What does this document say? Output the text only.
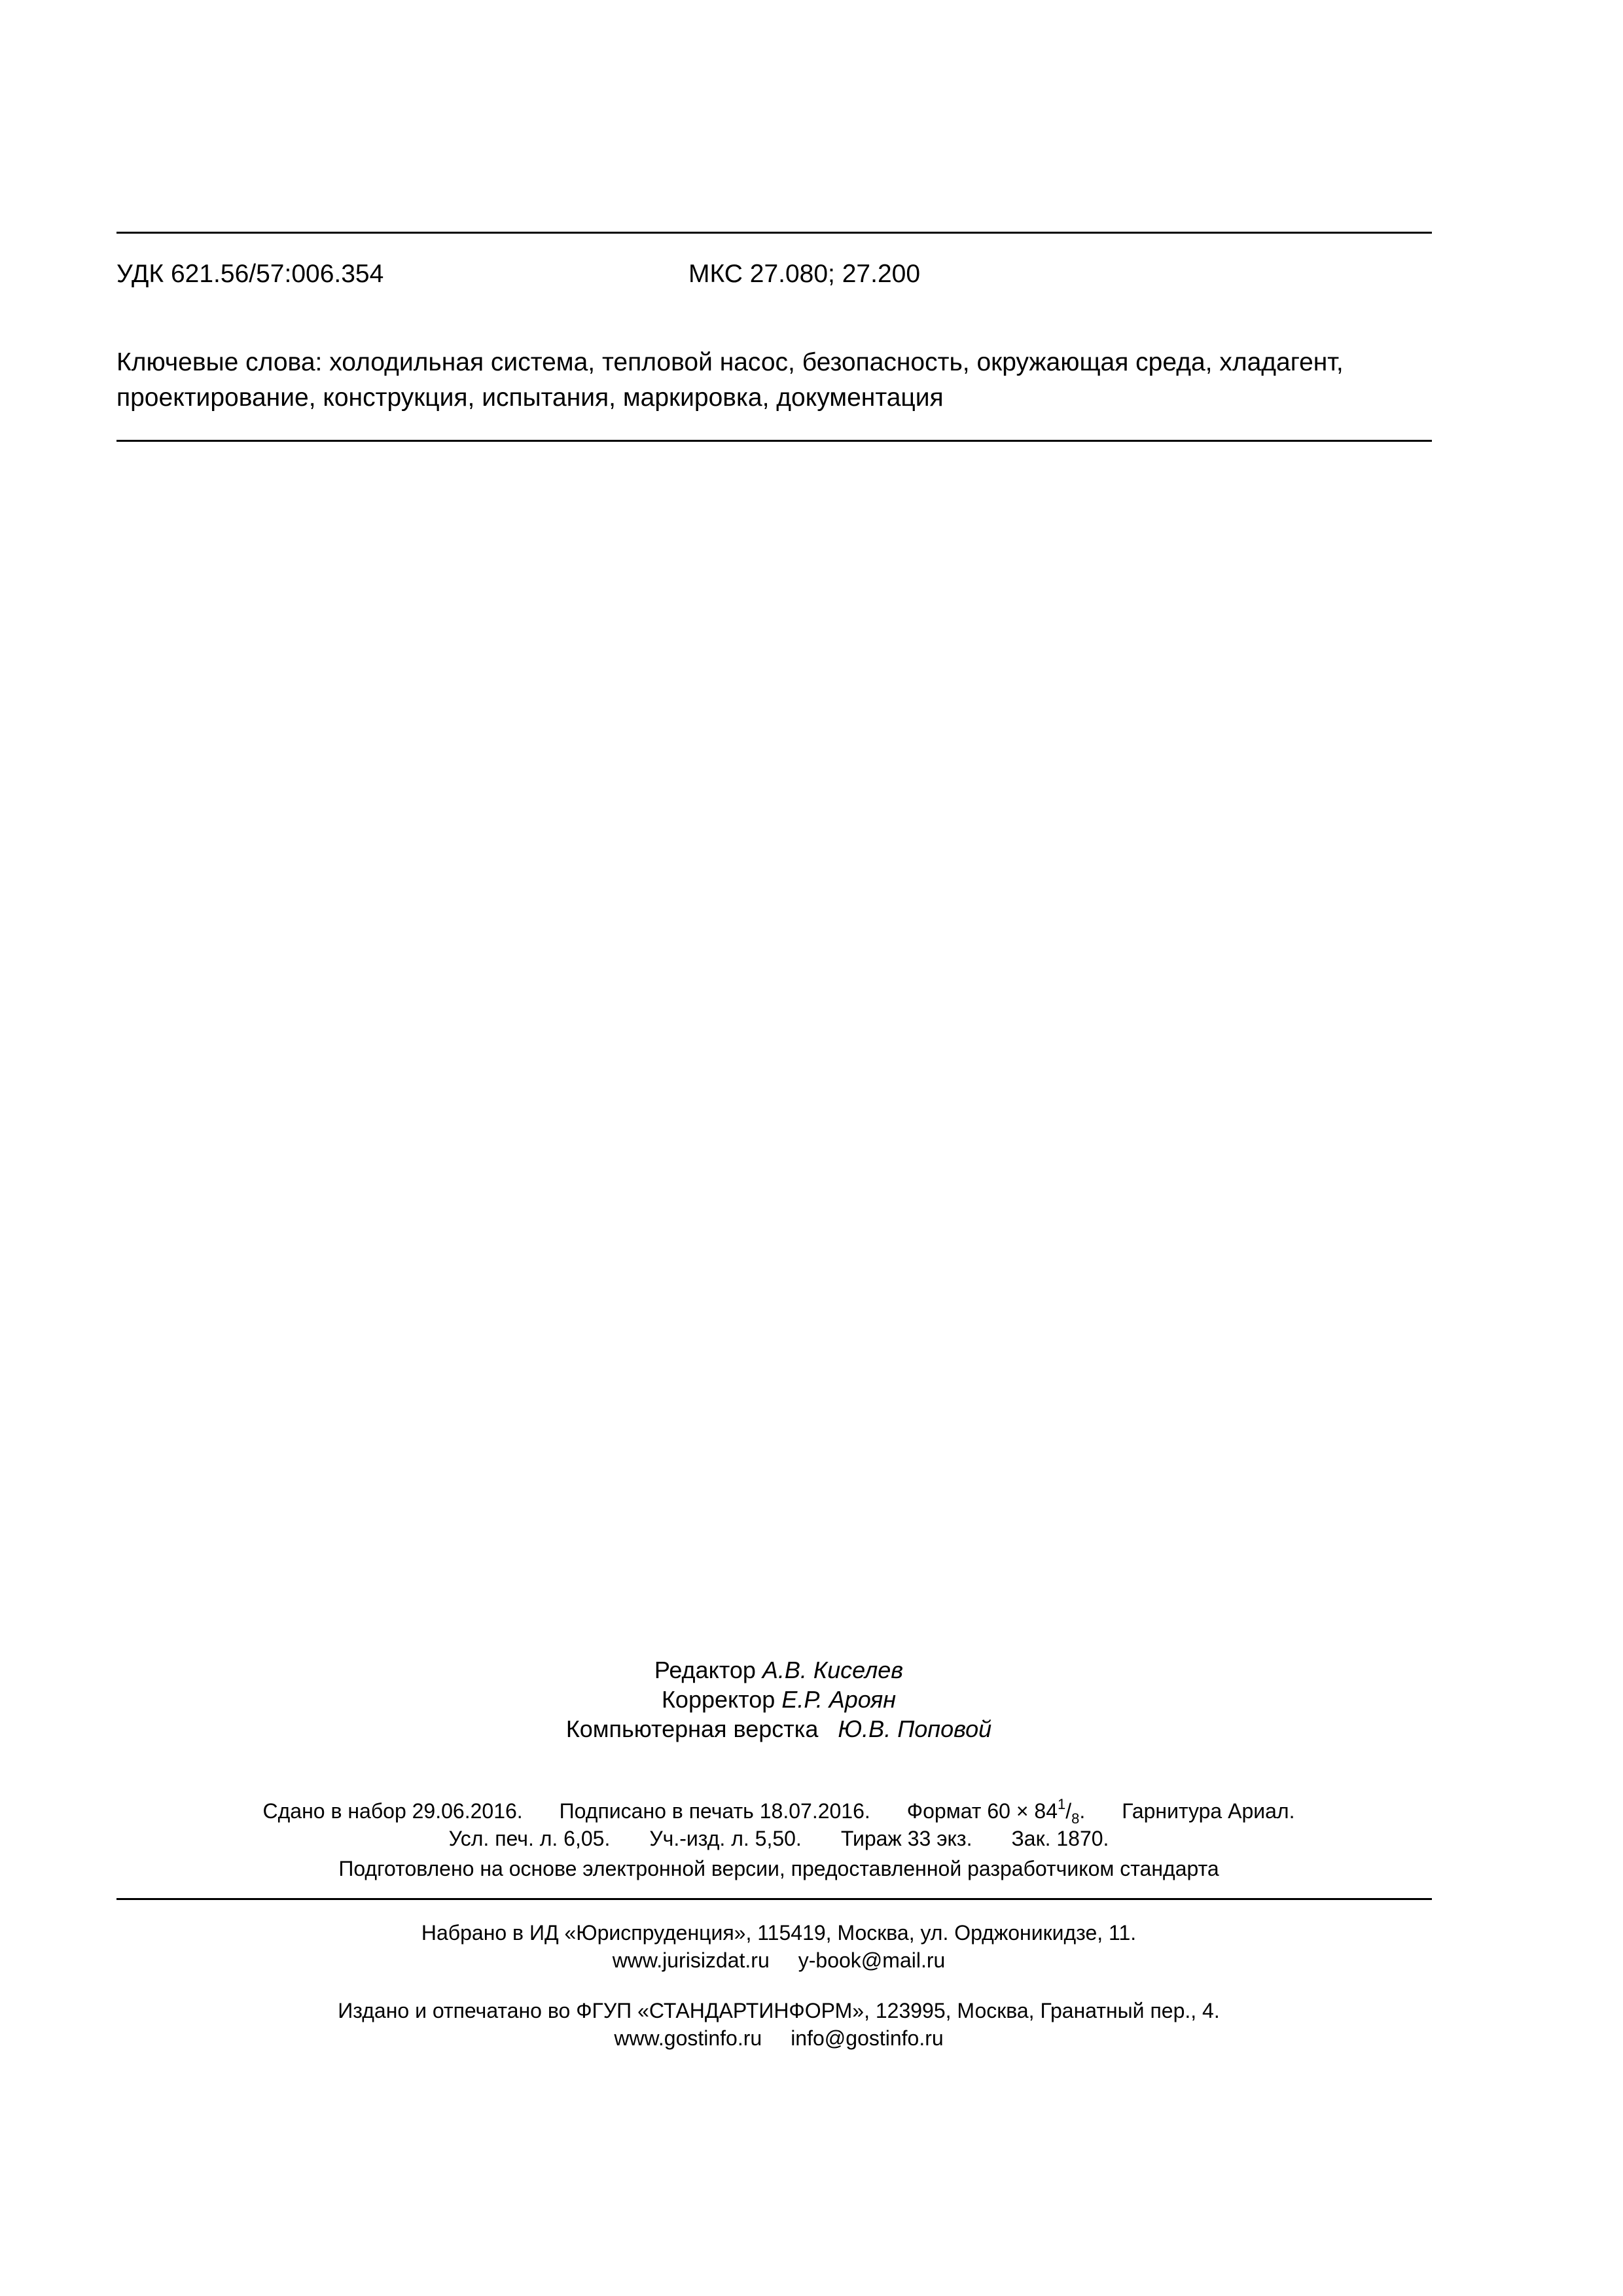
УДК 621.56/57:006.354	МКС 27.080; 27.200
Ключевые слова: холодильная система, тепловой насос, безопасность, окружающая среда, хладагент, проектирование, конструкция, испытания, маркировка, документация
Редактор А.В. Киселев
Корректор Е.Р. Ароян
Компьютерная верстка Ю.В. Поповой
Сдано в набор 29.06.2016. Подписано в печать 18.07.2016. Формат $60 \times 84^1/_8$. Гарнитура Ариал.
Усл. печ. л. 6,05. Уч.-изд. л. 5,50. Тираж 33 экз. Зак. 1870.
Подготовлено на основе электронной версии, предоставленной разработчиком стандарта
Набрано в ИД «Юриспруденция», 115419, Москва, ул. Орджоникидзе, 11.
www.jurisizdat.ru y-book@mail.ru
Издано и отпечатано во ФГУП «СТАНДАРТИНФОРМ», 123995, Москва, Гранатный пер., 4.
www.gostinfo.ru info@gostinfo.ru
